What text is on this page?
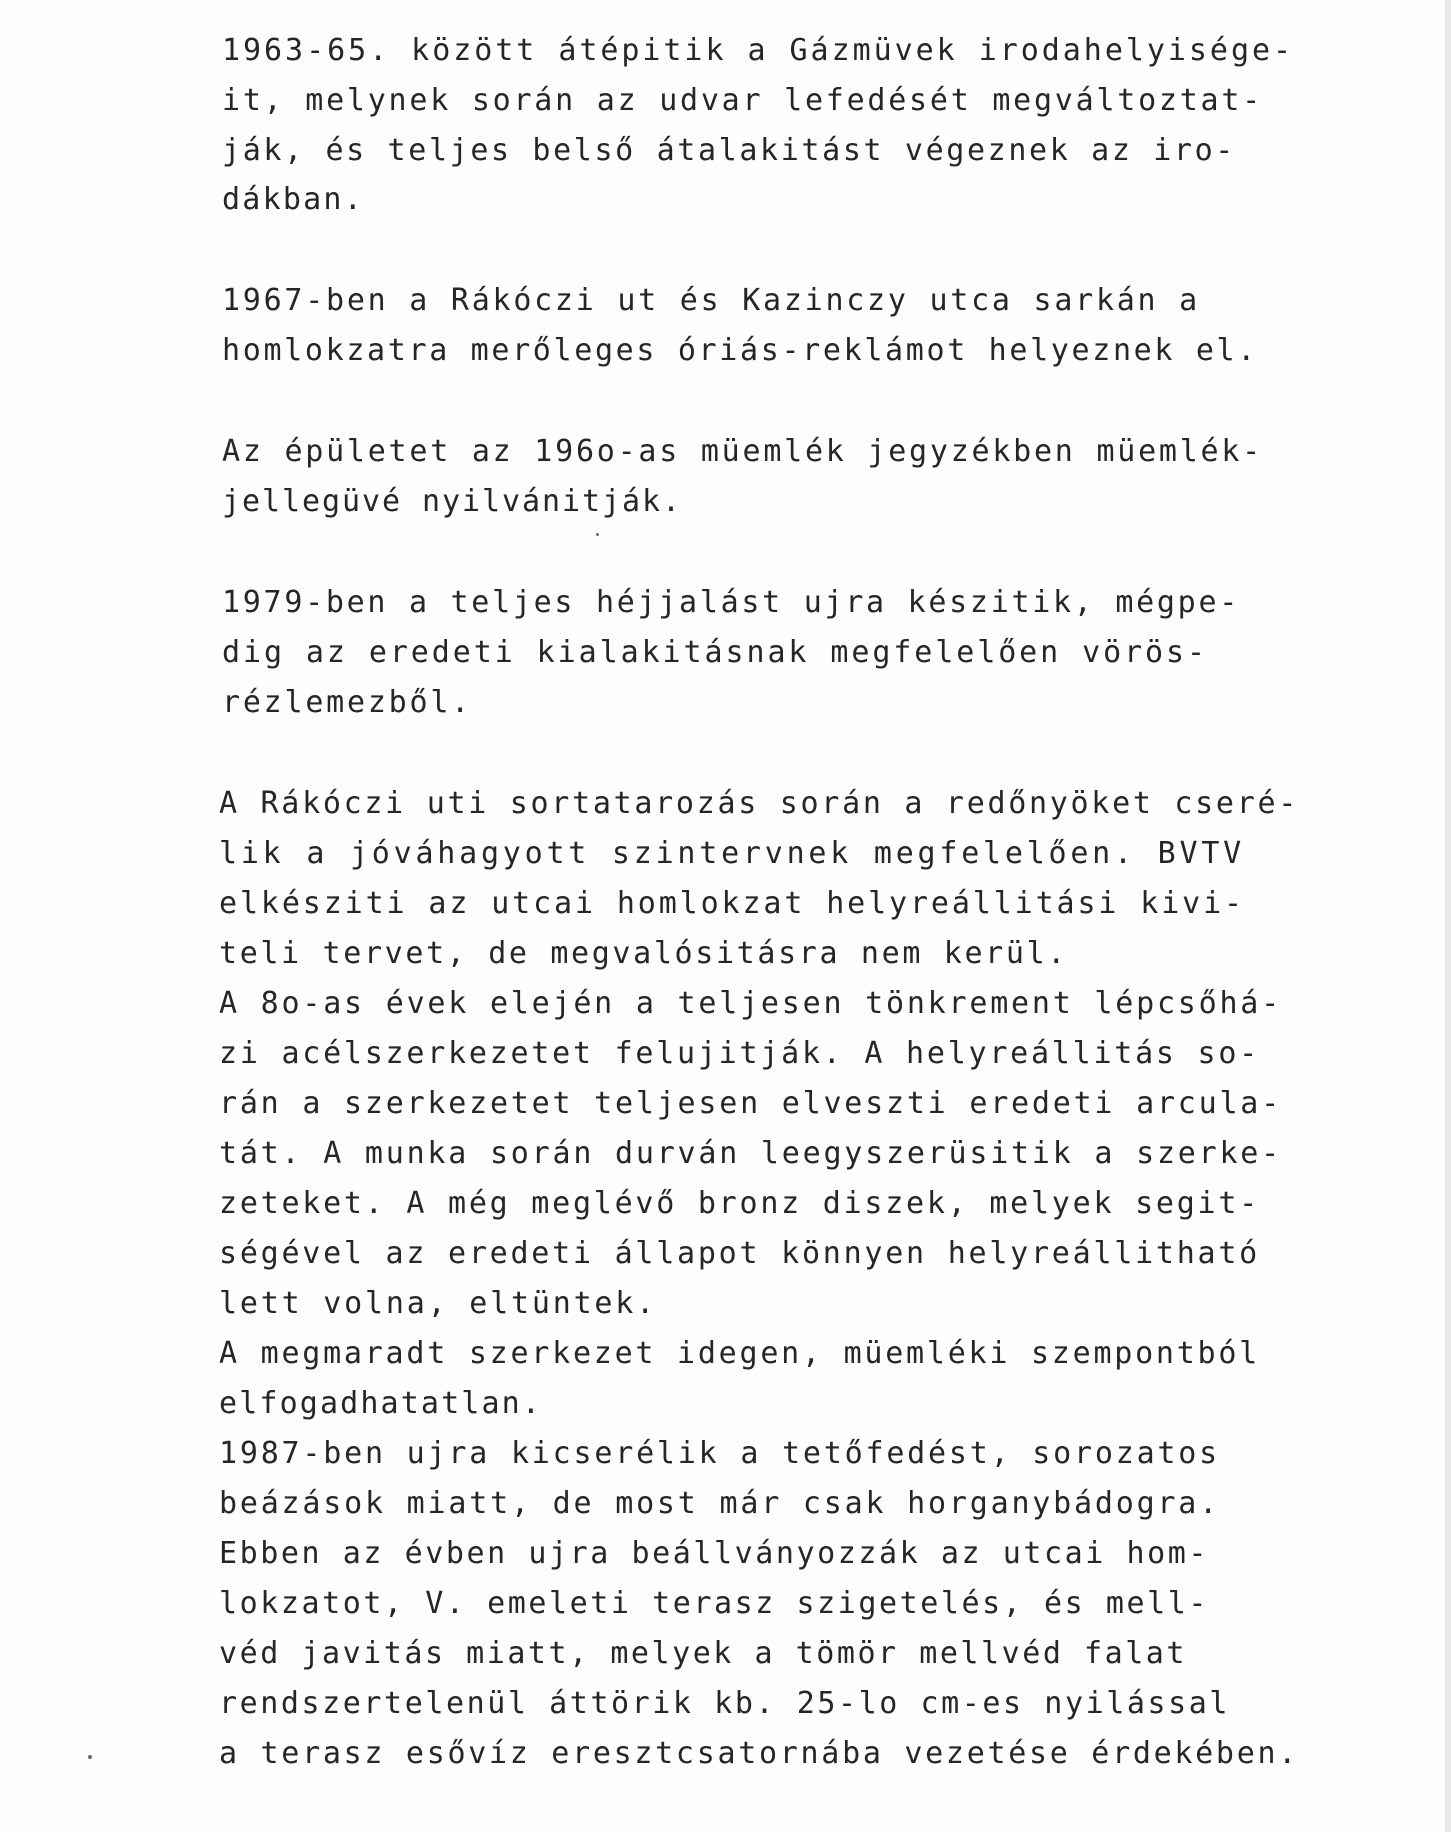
1963-65. között átépitik a Gázmüvek irodahelyisége-

it, melynek során az udvar lefedését megváltoztat-

ják, és teljes belső átalakitást végeznek az iro-

dákban.

1967-ben a Rákóczi ut és Kazinczy utca sarkán a

homlokzatra merőleges óriás-reklámot helyeznek el.

Az épületet az 196o-as müemlék jegyzékben müemlék-

jellegüvé nyilvánitják.

1979-ben a teljes héjjalást ujra készitik, mégpe-

dig az eredeti kialakitásnak megfelelően vörös-

rézlemezből.

A Rákóczi uti sortatarozás során a redőnyöket cseré-

lik a jóváhagyott szintervnek megfelelően. BVTV

elkésziti az utcai homlokzat helyreállitási kivi-

teli tervet, de megvalósitásra nem kerül.

A 8o-as évek elején a teljesen tönkrement lépcsőhá-

zi acélszerkezetet felujitják. A helyreállitás so-

rán a szerkezetet teljesen elveszti eredeti arcula-

tát. A munka során durván leegyszerüsitik a szerke-

zeteket. A még meglévő bronz diszek, melyek segit-

ségével az eredeti állapot könnyen helyreállitható

lett volna, eltüntek.

A megmaradt szerkezet idegen, müemléki szempontból

elfogadhatatlan.

1987-ben ujra kicserélik a tetőfedést, sorozatos

beázások miatt, de most már csak horganybádogra.

Ebben az évben ujra beállványozzák az utcai hom-

lokzatot, V. emeleti terasz szigetelés, és mell-

véd javitás miatt, melyek a tömör mellvéd falat

rendszertelenül áttörik kb. 25-lo cm-es nyilással

a terasz esővíz eresztcsatornába vezetése érdekében.
